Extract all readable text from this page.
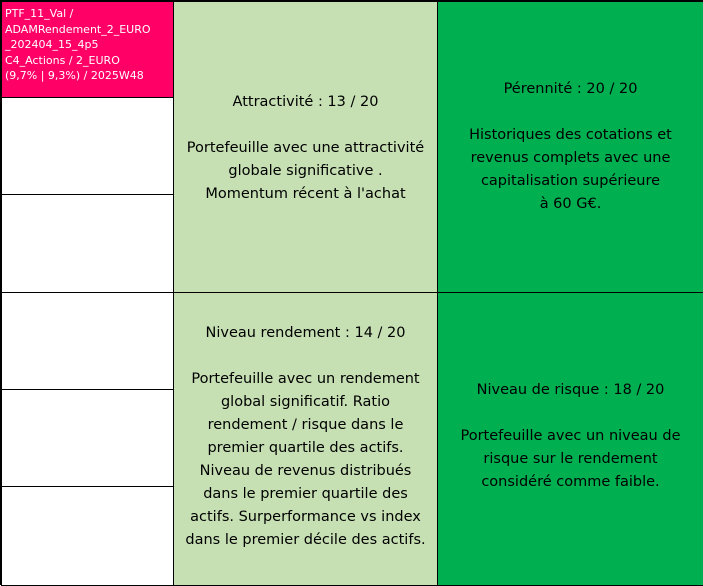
PTF_11_Val /
ADAMRendement_2_EURO
_202404_15_4p5
C4_Actions / 2_EURO
(9,7% | 9,3%) / 2025W48
Attractivité : 13 / 20
Portefeuille avec une attractivité
globale significative .
Momentum récent à l'achat
Pérennité : 20 / 20
Historiques des cotations et
revenus complets avec une
capitalisation supérieure
à 60 G€.
Niveau rendement : 14 / 20
Portefeuille avec un rendement
global significatif. Ratio
rendement / risque dans le
premier quartile des actifs.
Niveau de revenus distribués
dans le premier quartile des
actifs. Surperformance vs index
dans le premier décile des actifs.
Niveau de risque : 18 / 20
Portefeuille avec un niveau de
risque sur le rendement
considéré comme faible.
